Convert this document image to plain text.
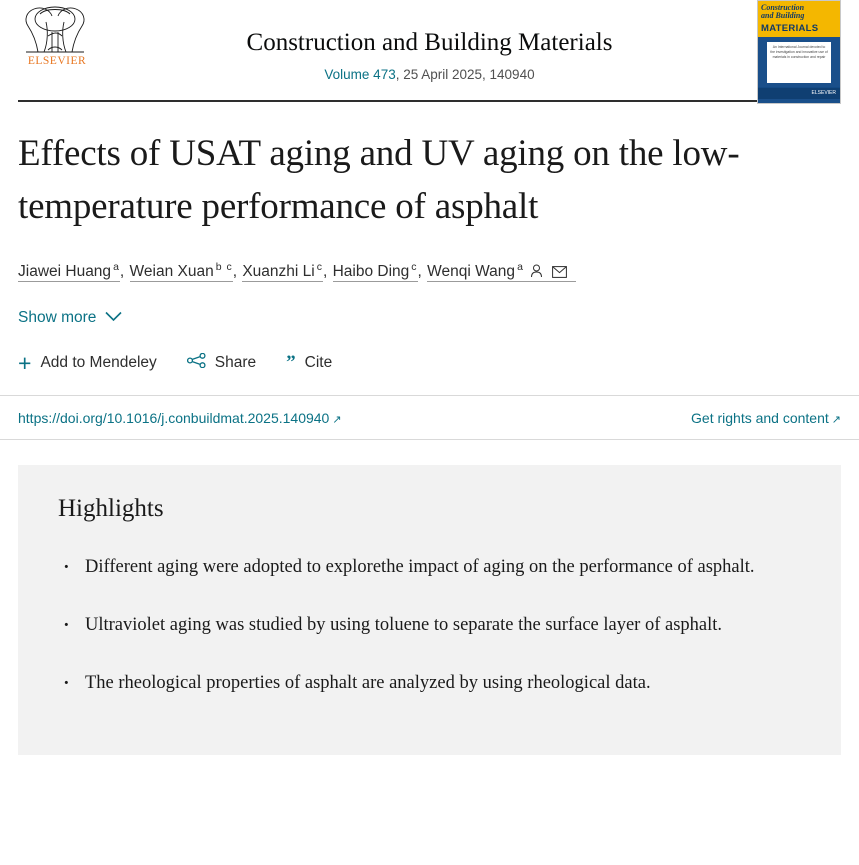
ELSEVIER
Construction and Building Materials
Volume 473, 25 April 2025, 140940
Construction
and Building
MATERIALS
An International Journal devoted to the investigation and innovative use of materials in construction and repair
ELSEVIER
Effects of USAT aging and UV aging on the low-temperature performance of asphalt
Jiawei Huang $^a$, Weian Xuan $^{b c}$, Xuanzhi Li $^c$, Haibo Ding $^c$, Wenqi Wang $^a$
Show more
+ Add to Mendeley	Share ” Cite
https://doi.org/10.1016/j.conbuildmat.2025.140940 ↗	Get rights and content ↗
Highlights
· Different aging were adopted to explorethe impact of aging on the performance of asphalt.
· Ultraviolet aging was studied by using toluene to separate the surface layer of asphalt.
· The rheological properties of asphalt are analyzed by using rheological data.
